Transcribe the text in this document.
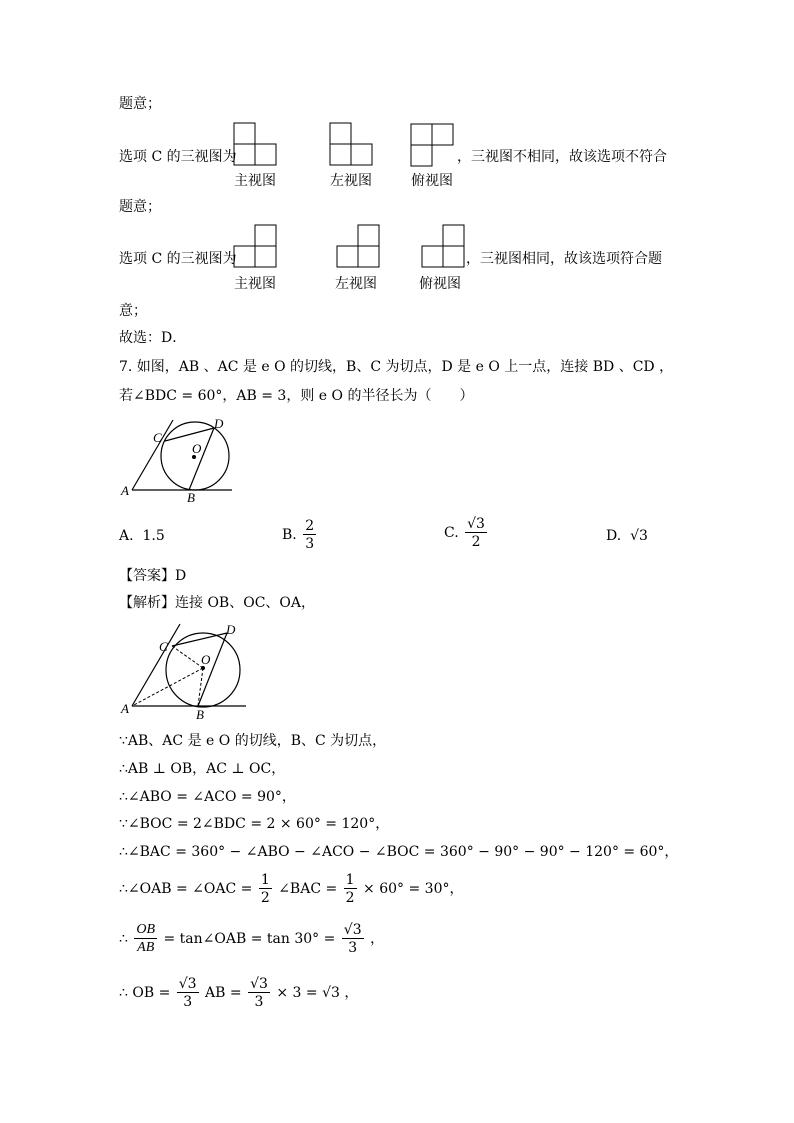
题意；
选项 C 的三视图为	，三视图不相同，故该选项不符合
主视图	左视图	俯视图
题意；
选项 C 的三视图为	，三视图相同，故该选项符合题
主视图	左视图	俯视图
意；
故选：D．
7. 如图，AB 、AC 是 e O 的切线，B、C 为切点，D 是 e O 上一点，连接 BD 、CD ，
若∠BDC = 60°，AB = 3，则 e O 的半径长为（　　）
C
D
O
A	B
A. 1.5	B. $\frac{2}{3}$	C. $\frac{√3}{2}$	D. √3
【答案】D
【解析】连接 OB、OC、OA，
C
D
O
A	B
∵AB、AC 是 e O 的切线，B、C 为切点，
∴AB ⊥ OB，AC ⊥ OC，
∴∠ABO = ∠ACO = 90°，
∵∠BOC = 2∠BDC = 2 × 60° = 120°，
∴∠BAC = 360° − ∠ABO − ∠ACO − ∠BOC = 360° − 90° − 90° − 120° = 60°，
∴∠OAB = ∠OAC = $\frac{1}{2}$ ∠BAC = $\frac{1}{2} \times 60^\circ = 30^\circ$，
∴ $\frac{OB}{AB}$ = tan∠OAB = $\tan 30^\circ = \frac{√3}{3}$ ，
∴ OB = $\frac{√3}{3}$ AB = $\frac{√3}{3} \times 3 = √3$ ，
